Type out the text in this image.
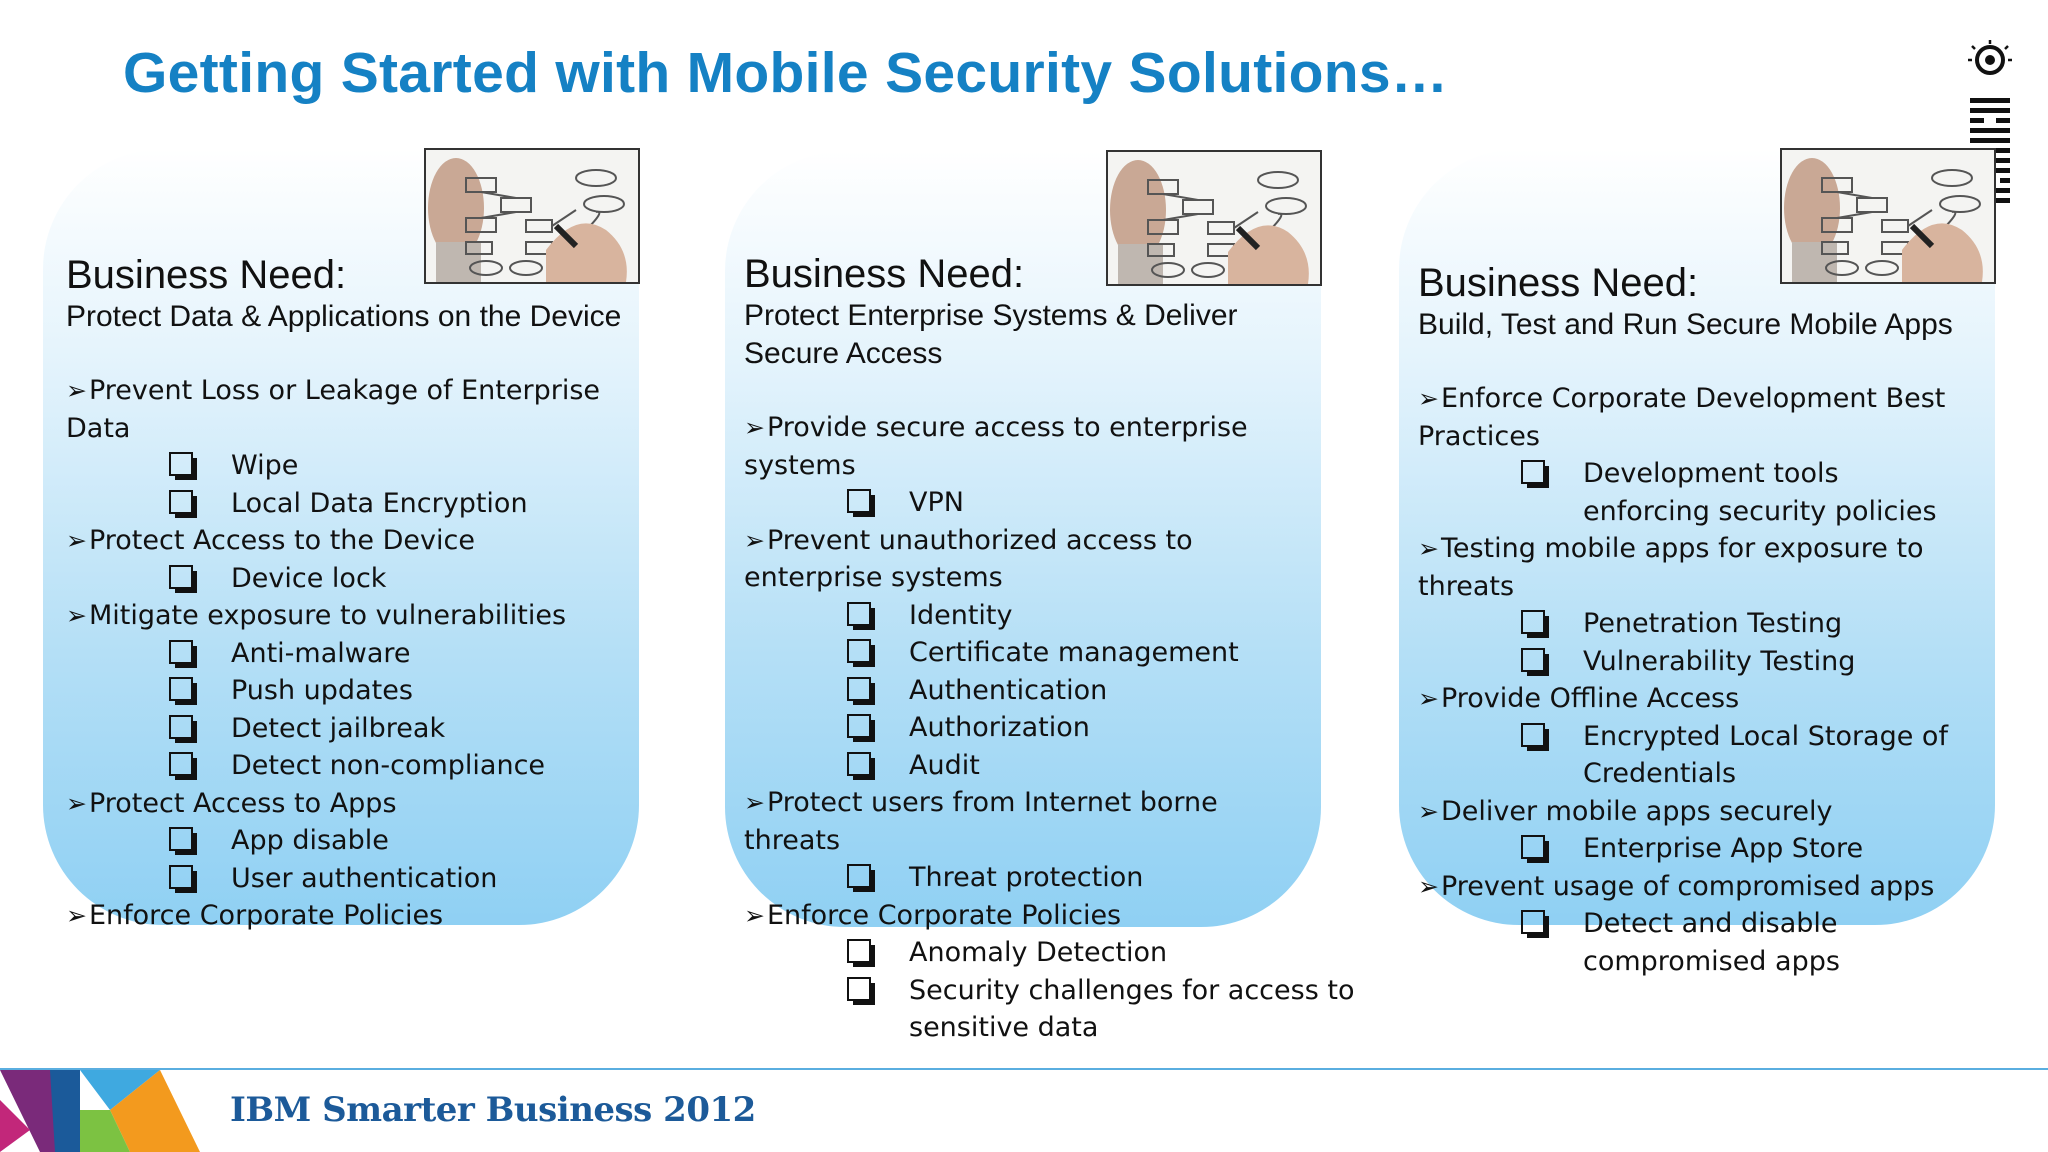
Getting Started with Mobile Security Solutions…
Business Need:
Protect Data & Applications on the Device
➢Prevent Loss or Leakage of Enterprise Data
Wipe
Local Data Encryption
➢Protect Access to the Device
Device lock
➢Mitigate exposure to vulnerabilities
Anti-malware
Push updates
Detect jailbreak
Detect non-compliance
➢Protect Access to Apps
App disable
User authentication
➢Enforce Corporate Policies
Business Need:
Protect Enterprise Systems & Deliver Secure Access
➢Provide secure access to enterprise systems
VPN
➢Prevent unauthorized access to enterprise systems
Identity
Certificate management
Authentication
Authorization
Audit
➢Protect users from Internet borne threats
Threat protection
➢Enforce Corporate Policies
Anomaly Detection
Security challenges for access to sensitive data
Business Need:
Build, Test and Run Secure Mobile Apps
➢Enforce Corporate Development Best Practices
Development tools enforcing security policies
➢Testing mobile apps for exposure to threats
Penetration Testing
Vulnerability Testing
➢Provide Offline Access
Encrypted Local Storage of Credentials
➢Deliver mobile apps securely
Enterprise App Store
➢Prevent usage of compromised apps
Detect and disable compromised apps
IBM Smarter Business 2012
